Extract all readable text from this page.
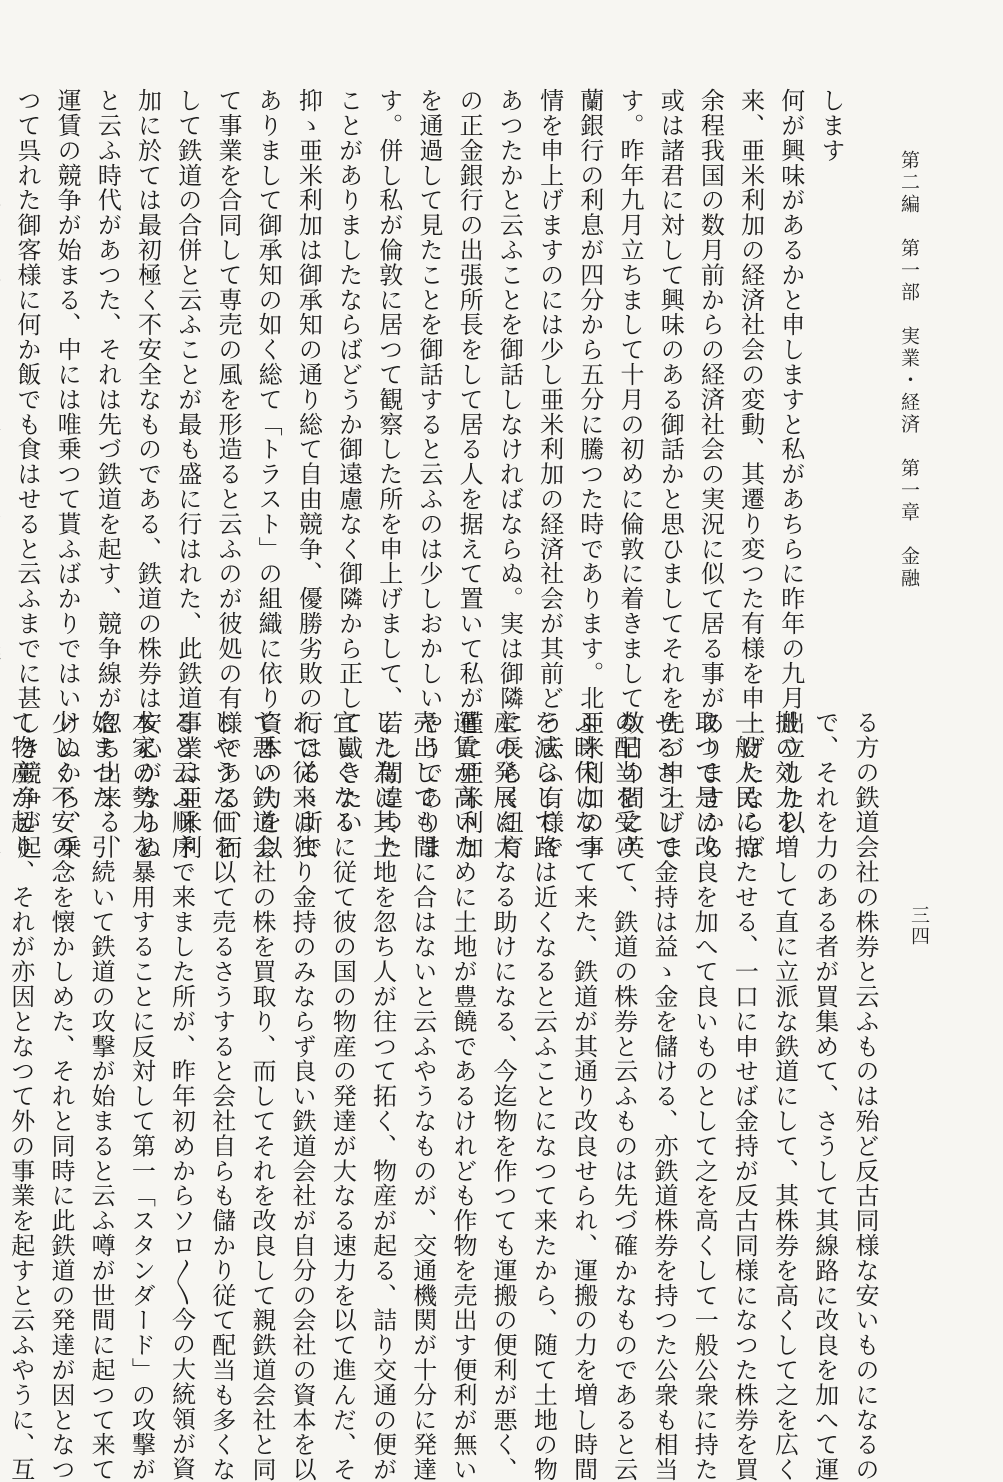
第二編　第一部　実業・経済　第一章　金融
三四
します
何が興味があるかと申しますと私があちらに昨年の九月出立した以
来、亜米利加の経済社会の変動、其遷り変つた有様を申上げたならば
余程我国の数月前からの経済社会の実況に似て居る事がありますから
或は諸君に対して興味のある御話かと思ひましてそれを先づ申上げま
す。昨年九月立ちまして十月の初めに倫敦に着きまして数日の間に英
蘭銀行の利息が四分から五分に騰つた時であります。北亜米利加の事
情を申上げますのには少し亜米利加の経済社会が其前どう云ふ有様で
あつたかと云ふことを御話しなければならぬ。実は御隣に長らく紐育
の正金銀行の出張所長をして居る人を据えて置いて私が僅に亜米利加
を通過して見たことを御話すると云ふのは少しおかしいやうでありま
す。併し私が倫敦に居つて観察した所を申上げまして、若し間違つた
ことがありましたならばどうか御遠慮なく御隣から正して戴きたい
抑ゝ亜米利加は御承知の通り総て自由競争、優勝劣敗の行はるゝ所で
ありまして御承知の如く総て「トラスト」の組織に依り資本の力を以
て事業を合同して専売の風を形造ると云ふのが彼処の有様である、而
して鉄道の合併と云ふことが最も盛に行はれた、此鉄道事業は亜米利
加に於ては最初極く不安全なものである、鉄道の株券は安心がならぬ
と云ふ時代があつた、それは先づ鉄道を起す、競争線が忽ち出来る、
運賃の競争が始まる、中には唯乗つて貰ふばかりではいけぬから、乗
つて呉れた御客様に何か飯でも食はせると云ふまでに甚しき競争が起
る方の鉄道会社の株券と云ふものは殆ど反古同様な安いものになるの
で、それを力のある者が買集めて、さうして其線路に改良を加へて運
搬の効力を増して直に立派な鉄道にして、其株券を高くして之を広く
一般人民に持たせる、一口に申せば金持が反古同様になつた株券を買
取つて是に改良を加へて良いものとして之を高くして一般公衆に持た
せるさうして金持は益ゝ金を儲ける、亦鉄道株券を持つた公衆も相当
の配当を受けて、鉄道の株券と云ふものは先づ確かなものであると云
ふ時代になつて来た、鉄道が其通り改良せられ、運搬の力を増し時間
を減らして路は近くなると云ふことになつて来たから、随て土地の物
産の発展に大なる助けになる、今迄物を作つても運搬の便利が悪く、
運賃が高いために土地が豊饒であるけれども作物を売出す便利が無い
売出しても間に合はないと云ふやうなものが、交通機関が十分に発達
した為に其土地を忽ち人が往つて拓く、物産が起る、詰り交通の便が
宜しくなるに従て彼の国の物産の発達が大なる速力を以て進んだ、そ
れで従来は独り金持のみならず良い鉄道会社が自分の会社の資本を以
て悪い鉄道会社の株を買取り、而してそれを改良して親鉄道会社と同
じやうな価を以て売るさうすると会社自らも儲かり従て配当も多くな
ると云ふ順序で来ました所が、昨年初めからソロ〳〵今の大統領が資
本家の勢力を暴用することに反対して第一「スタンダード」の攻撃が
始まつた、引続いて鉄道の攻撃が始まると云ふ噂が世間に起つて来て
少しく不安の念を懐かしめた、それと同時に此鉄道の発達が因となつ
て物産が起り、それが亦因となつて外の事業を起すと云ふやうに、互
